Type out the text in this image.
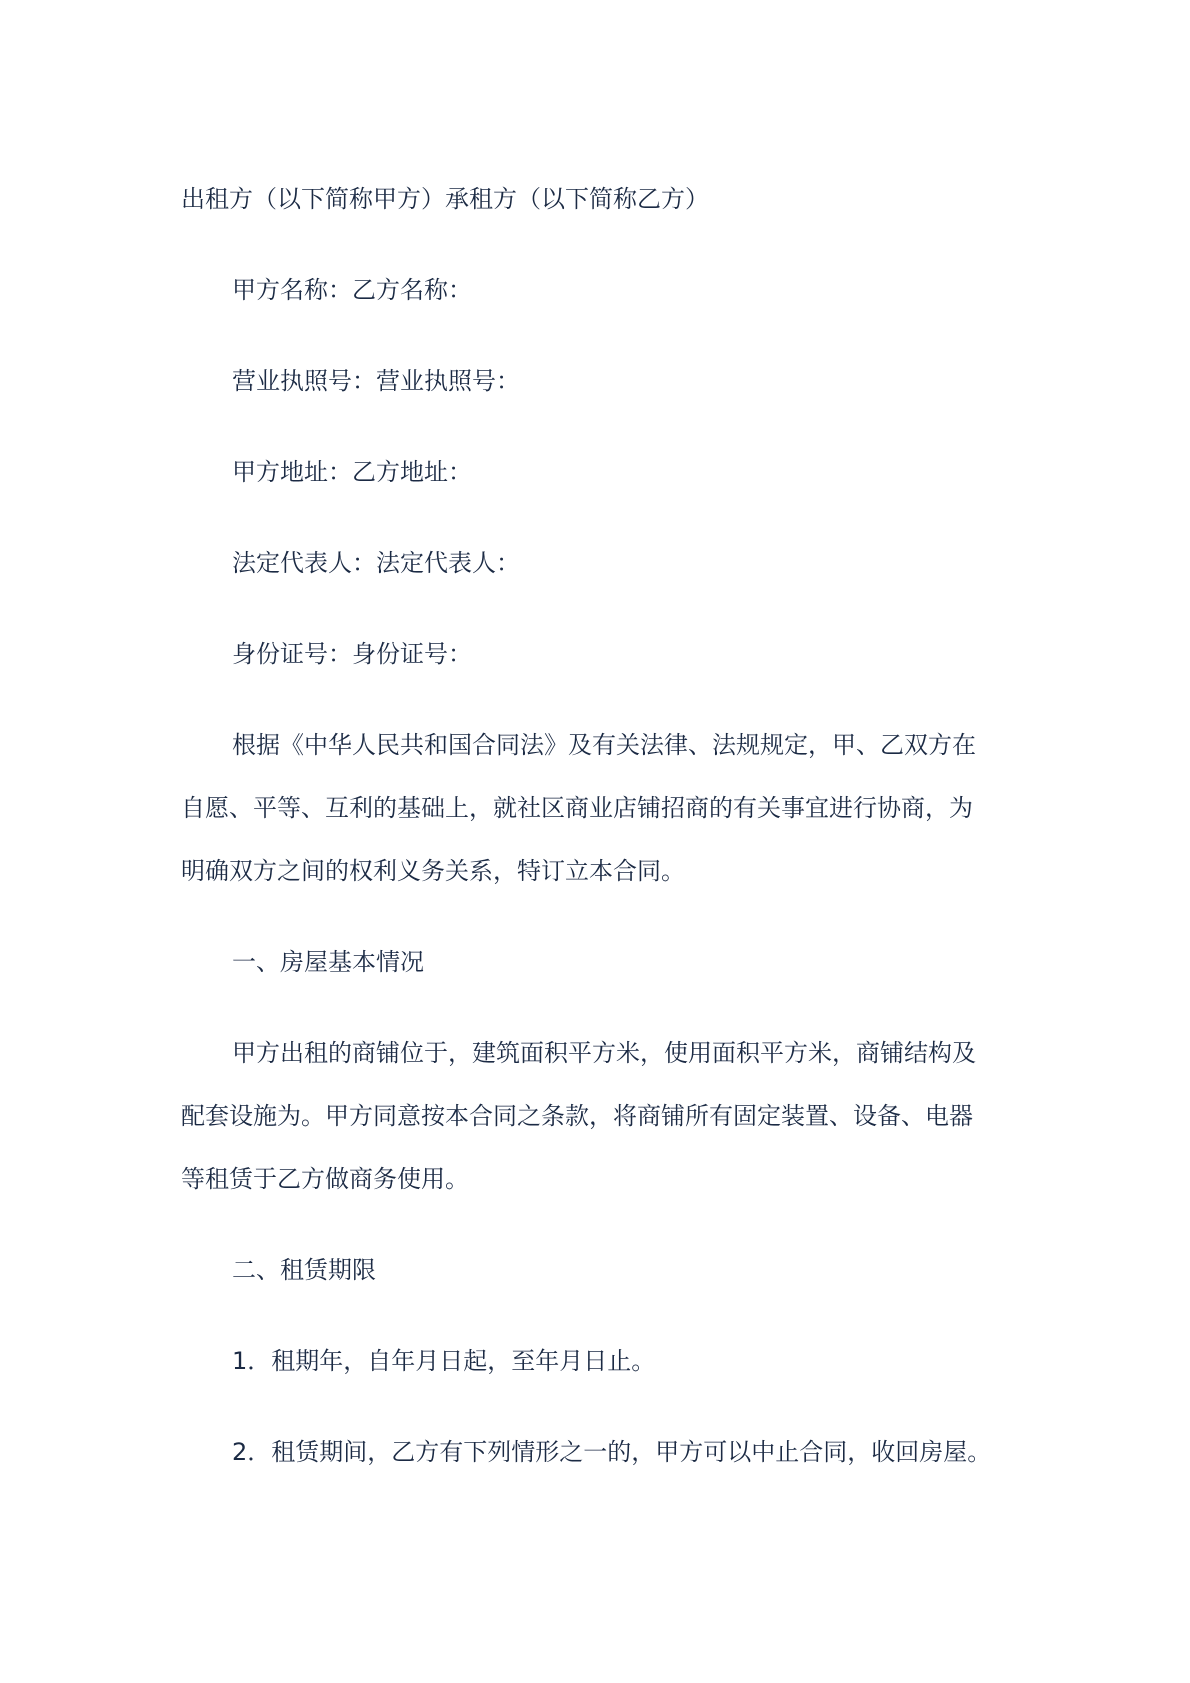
出租方（以下简称甲方）承租方（以下简称乙方）

甲方名称：乙方名称：

营业执照号：营业执照号：

甲方地址：乙方地址：

法定代表人：法定代表人：

身份证号：身份证号：

根据《中华人民共和国合同法》及有关法律、法规规定，甲、乙双方在

自愿、平等、互利的基础上，就社区商业店铺招商的有关事宜进行协商，为

明确双方之间的权利义务关系，特订立本合同。

一、房屋基本情况

甲方出租的商铺位于，建筑面积平方米，使用面积平方米，商铺结构及

配套设施为。甲方同意按本合同之条款，将商铺所有固定装置、设备、电器

等租赁于乙方做商务使用。

二、租赁期限

1．租期年，自年月日起，至年月日止。

2．租赁期间，乙方有下列情形之一的，甲方可以中止合同，收回房屋。
